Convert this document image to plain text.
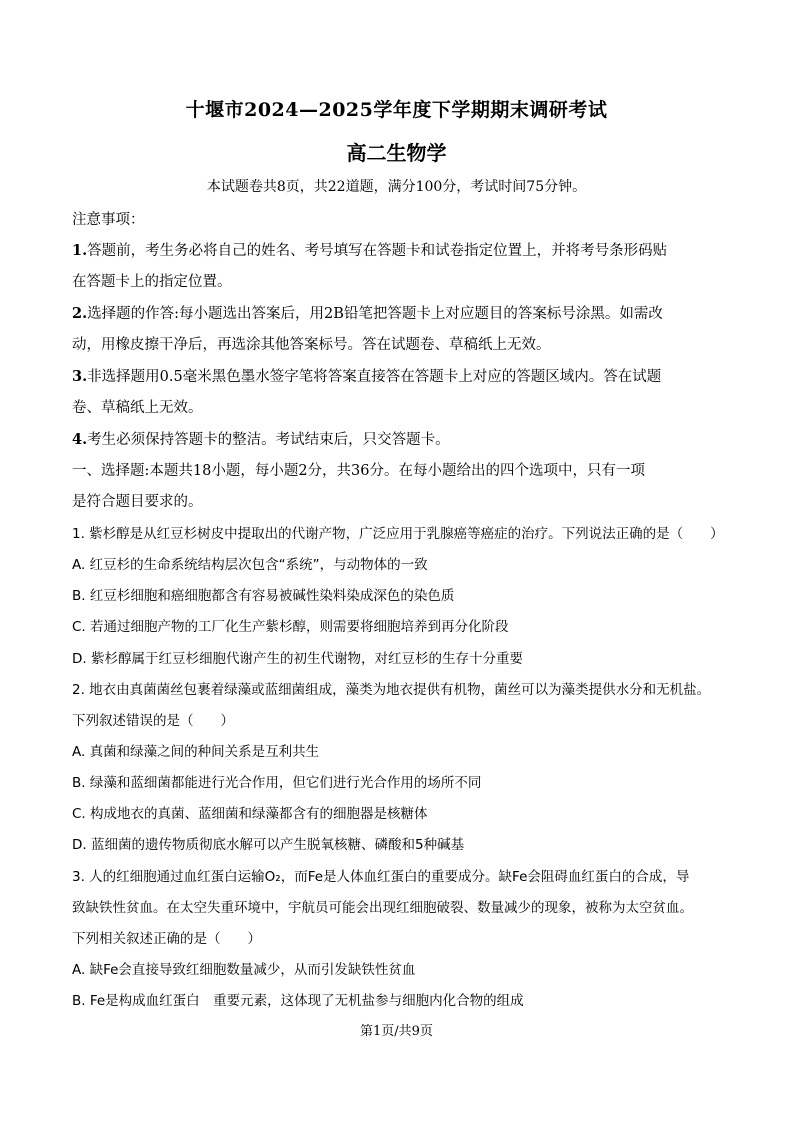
十堰市2024—2025学年度下学期期末调研考试
高二生物学
本试题卷共8页，共22道题，满分100分，考试时间75分钟。
注意事项：
1.答题前，考生务必将自己的姓名、考号填写在答题卡和试卷指定位置上，并将考号条形码贴
在答题卡上的指定位置。
2.选择题的作答:每小题选出答案后，用2B铅笔把答题卡上对应题目的答案标号涂黑。如需改
动，用橡皮擦干净后，再选涂其他答案标号。答在试题卷、草稿纸上无效。
3.非选择题用0.5毫米黑色墨水签字笔将答案直接答在答题卡上对应的答题区域内。答在试题
卷、草稿纸上无效。
4.考生必须保持答题卡的整洁。考试结束后，只交答题卡。
一、选择题:本题共18小题，每小题2分，共36分。在每小题给出的四个选项中，只有一项
是符合题目要求的。
1. 紫杉醇是从红豆杉树皮中提取出的代谢产物，广泛应用于乳腺癌等癌症的治疗。下列说法正确的是（　　）
A. 红豆杉的生命系统结构层次包含“系统”，与动物体的一致
B. 红豆杉细胞和癌细胞都含有容易被碱性染料染成深色的染色质
C. 若通过细胞产物的工厂化生产紫杉醇，则需要将细胞培养到再分化阶段
D. 紫杉醇属于红豆杉细胞代谢产生的初生代谢物，对红豆杉的生存十分重要
2. 地衣由真菌菌丝包裹着绿藻或蓝细菌组成，藻类为地衣提供有机物，菌丝可以为藻类提供水分和无机盐。
下列叙述错误的是（　　）
A. 真菌和绿藻之间的种间关系是互利共生
B. 绿藻和蓝细菌都能进行光合作用，但它们进行光合作用的场所不同
C. 构成地衣的真菌、蓝细菌和绿藻都含有的细胞器是核糖体
D. 蓝细菌的遗传物质彻底水解可以产生脱氧核糖、磷酸和5种碱基
3. 人的红细胞通过血红蛋白运输O₂，而Fe是人体血红蛋白的重要成分。缺Fe会阻碍血红蛋白的合成，导
致缺铁性贫血。在太空失重环境中，宇航员可能会出现红细胞破裂、数量减少的现象，被称为太空贫血。
下列相关叙述正确的是（　　）
A. 缺Fe会直接导致红细胞数量减少，从而引发缺铁性贫血
B. Fe是构成血红蛋白　重要元素，这体现了无机盐参与细胞内化合物的组成
第1页/共9页
